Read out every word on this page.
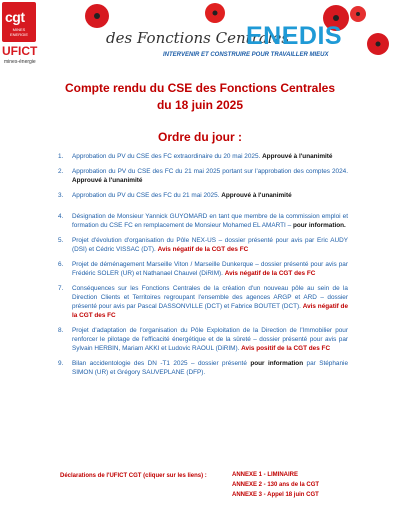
cgt
MINES ENERGIE
UFICT
mines-énergie
des Fonctions Centrales
ENEDIS
INTERVENIR ET CONSTRUIRE POUR TRAVAILLER MIEUX
Compte rendu du CSE des Fonctions Centrales
du 18 juin 2025
Ordre du jour :
1. Approbation du PV du CSE des FC extraordinaire du 20 mai 2025. Approuvé à l'unanimité
2. Approbation du PV du CSE des FC du 21 mai 2025 portant sur l'approbation des comptes 2024. Approuvé à l'unanimité
3. Approbation du PV du CSE des FC du 21 mai 2025. Approuvé à l'unanimité
4. Désignation de Monsieur Yannick GUYOMARD en tant que membre de la commission emploi et formation du CSE FC en remplacement de Monsieur Mohamed EL AMARTI – pour information.
5. Projet d'évolution d'organisation du Pôle NEX-US – dossier présenté pour avis par Eric AUDY (DSI) et Cédric VISSAC (DT). Avis négatif de la CGT des FC
6. Projet de déménagement Marseille Viton / Marseille Dunkerque – dossier présenté pour avis par Frédéric SOLER (UR) et Nathanael Chauvel (DiRIM). Avis négatif de la CGT des FC
7. Conséquences sur les Fonctions Centrales de la création d'un nouveau pôle au sein de la Direction Clients et Territoires regroupant l'ensemble des agences ARGP et ARD – dossier présenté pour avis par Pascal DASSONVILLE (DCT) et Fabrice BOUTET (DCT). Avis négatif de la CGT des FC
8. Projet d'adaptation de l'organisation du Pôle Exploitation de la Direction de l'Immobilier pour renforcer le pilotage de l'efficacité énergétique et de la sûreté – dossier présenté pour avis par Sylvain HERBIN, Mariam AKKI et Ludovic RAOUL (DiRIM). Avis positif de la CGT des FC
9. Bilan accidentologie des DN -T1 2025 – dossier présenté pour information par Stéphanie SIMON (UR) et Grégory SAUVEPLANE (DFP).
Déclarations de l'UFICT CGT (cliquer sur les liens) :	ANNEXE 1 - LIMINAIRE
ANNEXE 2 - 130 ans de la CGT
ANNEXE 3 - Appel 18 juin CGT
